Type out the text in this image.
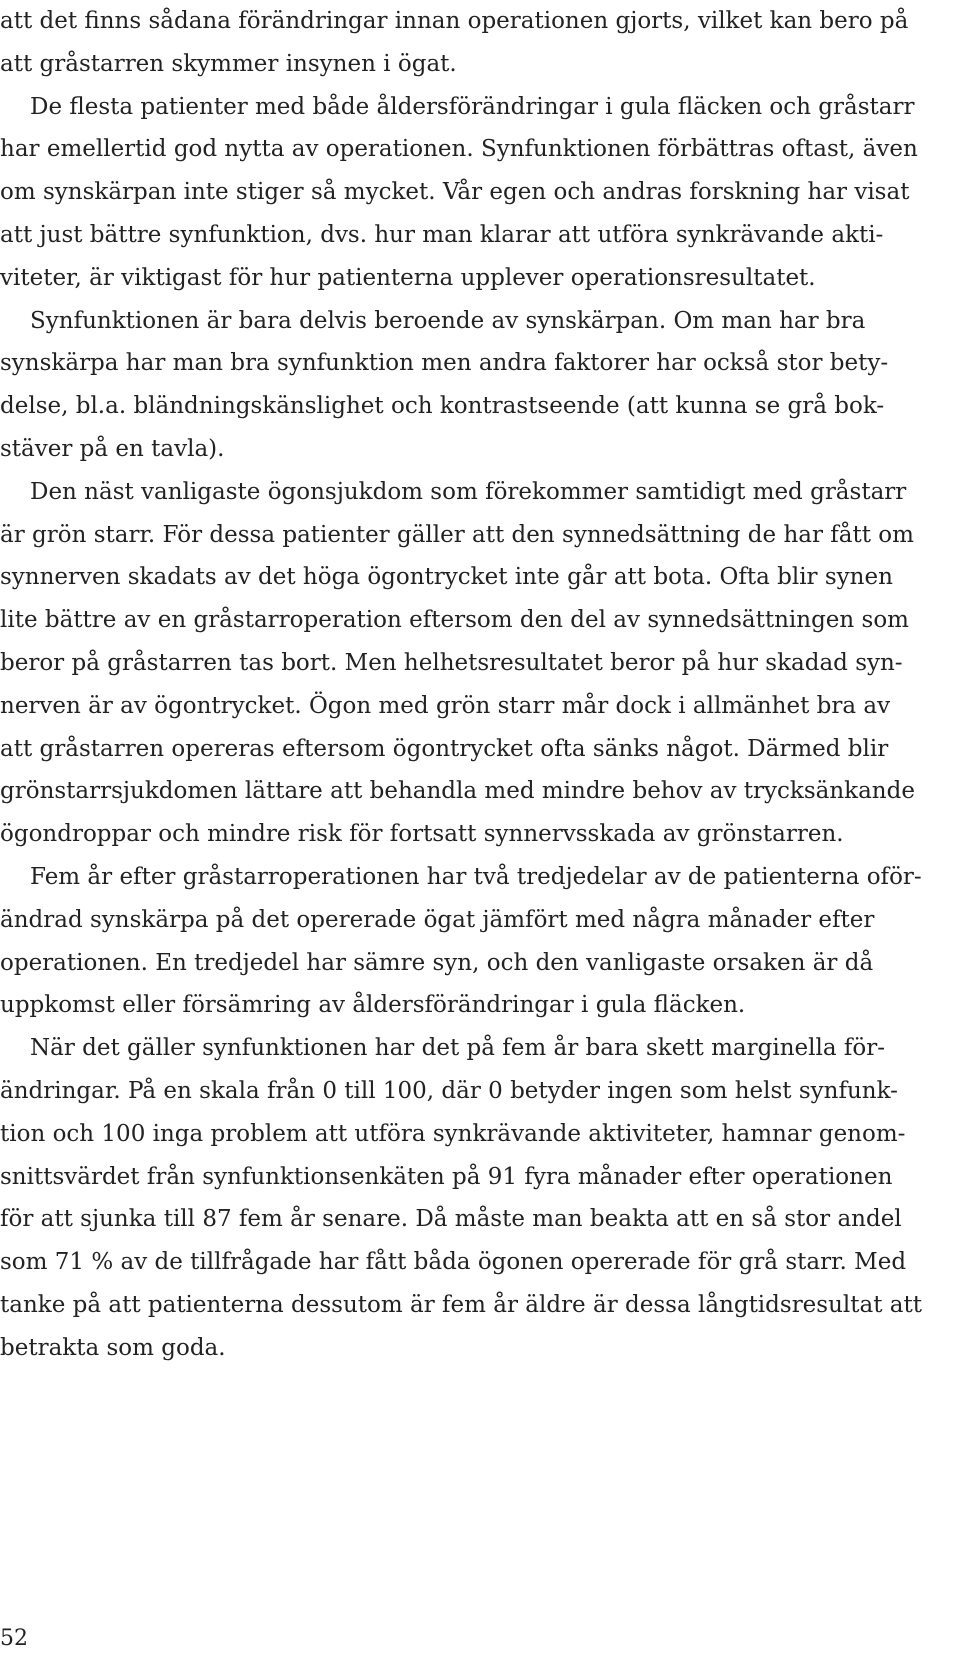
att det finns sådana förändringar innan operationen gjorts, vilket kan bero på
att gråstarren skymmer insynen i ögat.
De flesta patienter med både åldersförändringar i gula fläcken och gråstarr
har emellertid god nytta av operationen. Synfunktionen förbättras oftast, även
om synskärpan inte stiger så mycket. Vår egen och andras forskning har visat
att just bättre synfunktion, dvs. hur man klarar att utföra synkrävande akti-
viteter, är viktigast för hur patienterna upplever operationsresultatet.
Synfunktionen är bara delvis beroende av synskärpan. Om man har bra
synskärpa har man bra synfunktion men andra faktorer har också stor bety-
delse, bl.a. bländningskänslighet och kontrastseende (att kunna se grå bok-
stäver på en tavla).
Den näst vanligaste ögonsjukdom som förekommer samtidigt med gråstarr
är grön starr. För dessa patienter gäller att den synnedsättning de har fått om
synnerven skadats av det höga ögontrycket inte går att bota. Ofta blir synen
lite bättre av en gråstarroperation eftersom den del av synnedsättningen som
beror på gråstarren tas bort. Men helhetsresultatet beror på hur skadad syn-
nerven är av ögontrycket. Ögon med grön starr mår dock i allmänhet bra av
att gråstarren opereras eftersom ögontrycket ofta sänks något. Därmed blir
grönstarrsjukdomen lättare att behandla med mindre behov av trycksänkande
ögondroppar och mindre risk för fortsatt synnervsskada av grönstarren.
Fem år efter gråstarroperationen har två tredjedelar av de patienterna oför-
ändrad synskärpa på det opererade ögat jämfört med några månader efter
operationen. En tredjedel har sämre syn, och den vanligaste orsaken är då
uppkomst eller försämring av åldersförändringar i gula fläcken.
När det gäller synfunktionen har det på fem år bara skett marginella för-
ändringar. På en skala från 0 till 100, där 0 betyder ingen som helst synfunk-
tion och 100 inga problem att utföra synkrävande aktiviteter, hamnar genom-
snittsvärdet från synfunktionsenkäten på 91 fyra månader efter operationen
för att sjunka till 87 fem år senare. Då måste man beakta att en så stor andel
som 71 % av de tillfrågade har fått båda ögonen opererade för grå starr. Med
tanke på att patienterna dessutom är fem år äldre är dessa långtidsresultat att
betrakta som goda.
52
